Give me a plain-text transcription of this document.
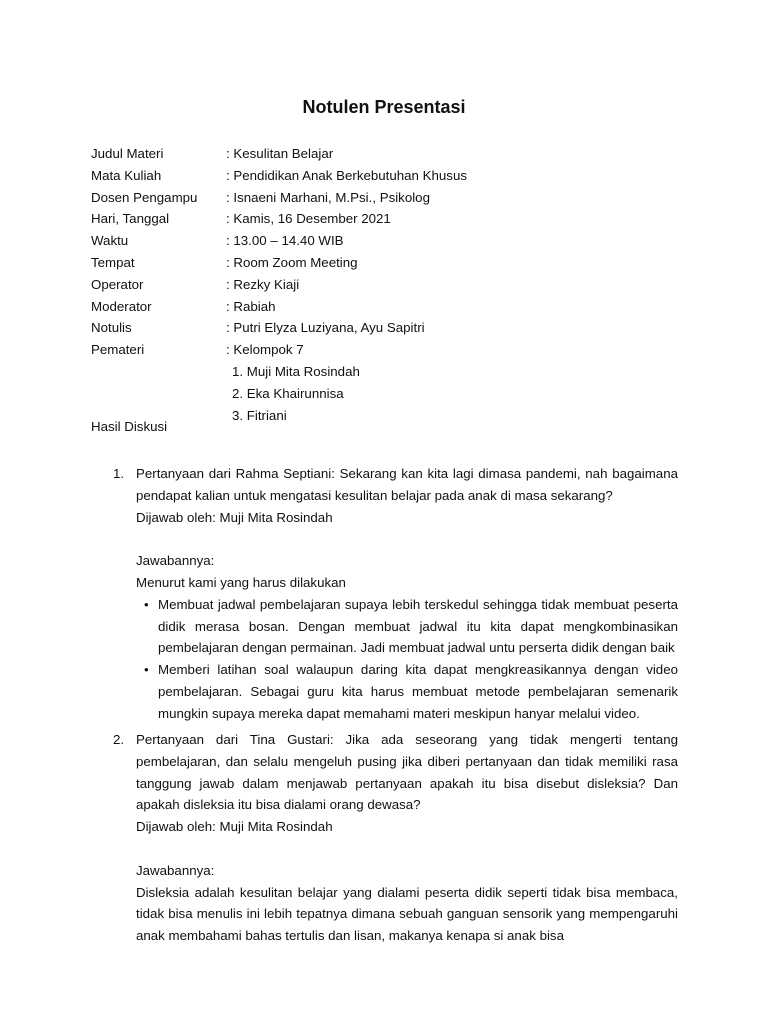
Notulen Presentasi
Judul Materi	: Kesulitan Belajar
Mata Kuliah	: Pendidikan Anak Berkebutuhan Khusus
Dosen Pengampu	: Isnaeni Marhani, M.Psi., Psikolog
Hari, Tanggal	: Kamis, 16 Desember 2021
Waktu	: 13.00 – 14.40 WIB
Tempat	: Room Zoom Meeting
Operator	: Rezky Kiaji
Moderator	: Rabiah
Notulis	: Putri Elyza Luziyana, Ayu Sapitri
Pemateri	: Kelompok 7
1. Muji Mita Rosindah
2. Eka Khairunnisa
3. Fitriani
Hasil Diskusi
1. Pertanyaan dari Rahma Septiani: Sekarang kan kita lagi dimasa pandemi, nah bagaimana pendapat kalian untuk mengatasi kesulitan belajar pada anak di masa sekarang?
Dijawab oleh: Muji Mita Rosindah
Jawabannya:
Menurut kami yang harus dilakukan
• Membuat jadwal pembelajaran supaya lebih terskedul sehingga tidak membuat peserta didik merasa bosan. Dengan membuat jadwal itu kita dapat mengkombinasikan pembelajaran dengan permainan. Jadi membuat jadwal untu perserta didik dengan baik
• Memberi latihan soal walaupun daring kita dapat mengkreasikannya dengan video pembelajaran. Sebagai guru kita harus membuat metode pembelajaran semenarik mungkin supaya mereka dapat memahami materi meskipun hanyar melalui video.
2. Pertanyaan dari Tina Gustari: Jika ada seseorang yang tidak mengerti tentang pembelajaran, dan selalu mengeluh pusing jika diberi pertanyaan dan tidak memiliki rasa tanggung jawab dalam menjawab pertanyaan apakah itu bisa disebut disleksia? Dan apakah disleksia itu bisa dialami orang dewasa?
Dijawab oleh: Muji Mita Rosindah
Jawabannya:
Disleksia adalah kesulitan belajar yang dialami peserta didik seperti tidak bisa membaca, tidak bisa menulis ini lebih tepatnya dimana sebuah ganguan sensorik yang mempengaruhi anak membahami bahas tertulis dan lisan, makanya kenapa si anak bisa
